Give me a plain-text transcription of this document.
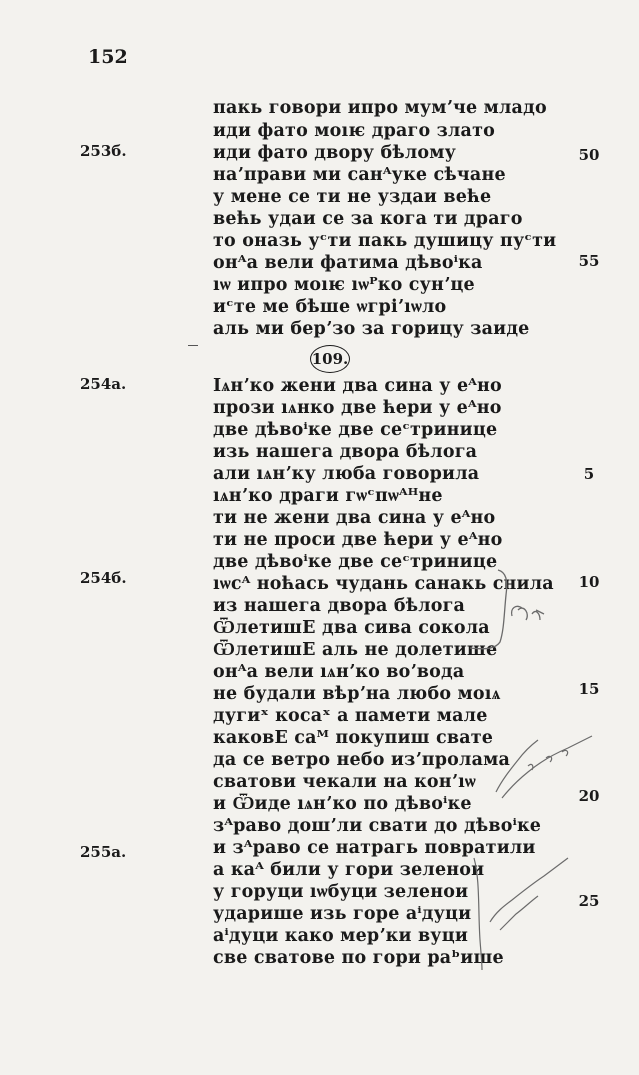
152
пакь говори ипро мумʼче младо
иди фато моıѥ драго злато
иди фато двору бѣлому
наʼправи ми санᴬуке сѣчане
у мене се ти не уздаи веће
већь удаи се за кога ти драго
то оназь уᶜти пакь душицу пуᶜти
онᴬа вели фатима дѣвоⁱка
ıѡ ипро моıѥ ıѡᴾко сунʼце
иᶜте ме бѣше ѡгріʼıѡло
аль ми берʼзо за горицу заиде
109.
Іѧнʼко жени два сина у еᴬно
прози ıѧнко две ћери у еᴬно
две дѣвоⁱке две сеᶜтринице
изь нашега двора бѣлога
али ıѧнʼку люба говорила
ıѧнʼко драги гѡᶜпѡᴬᴴне
ти не жени два сина у еᴬно
ти не проси две ћери у еᴬно
две дѣвоⁱке две сеᶜтринице
ıѡсᴬ ноћась чудань санакь снила
из нашега двора бѣлога
ѾлетишЕ два сива сокола
ѾлетишЕ аль не долетише
онᴬа вели ıѧнʼко воʼвода
не будали вѣрʼна любо моıѧ
дугиˣ косаˣ а памети мале
каковЕ саᴹ покупиш свате
да се ветро небо изʼпролама
сватови чекали на конʼıѡ
и Ѿиде ıѧнʼко по дѣвоⁱке
зᴬраво дошʼли свати до дѣвоⁱке
и зᴬраво се натрагь повратили
а каᴬ били у гори зеленои
у горуци ıѡбуци зеленои
ударише изь горе аⁱдуци
аⁱдуци како мерʼки вуци
све сватове по гори раᵇише
253б.
254а.
254б.
255а.
50
55
5
10
15
20
25
